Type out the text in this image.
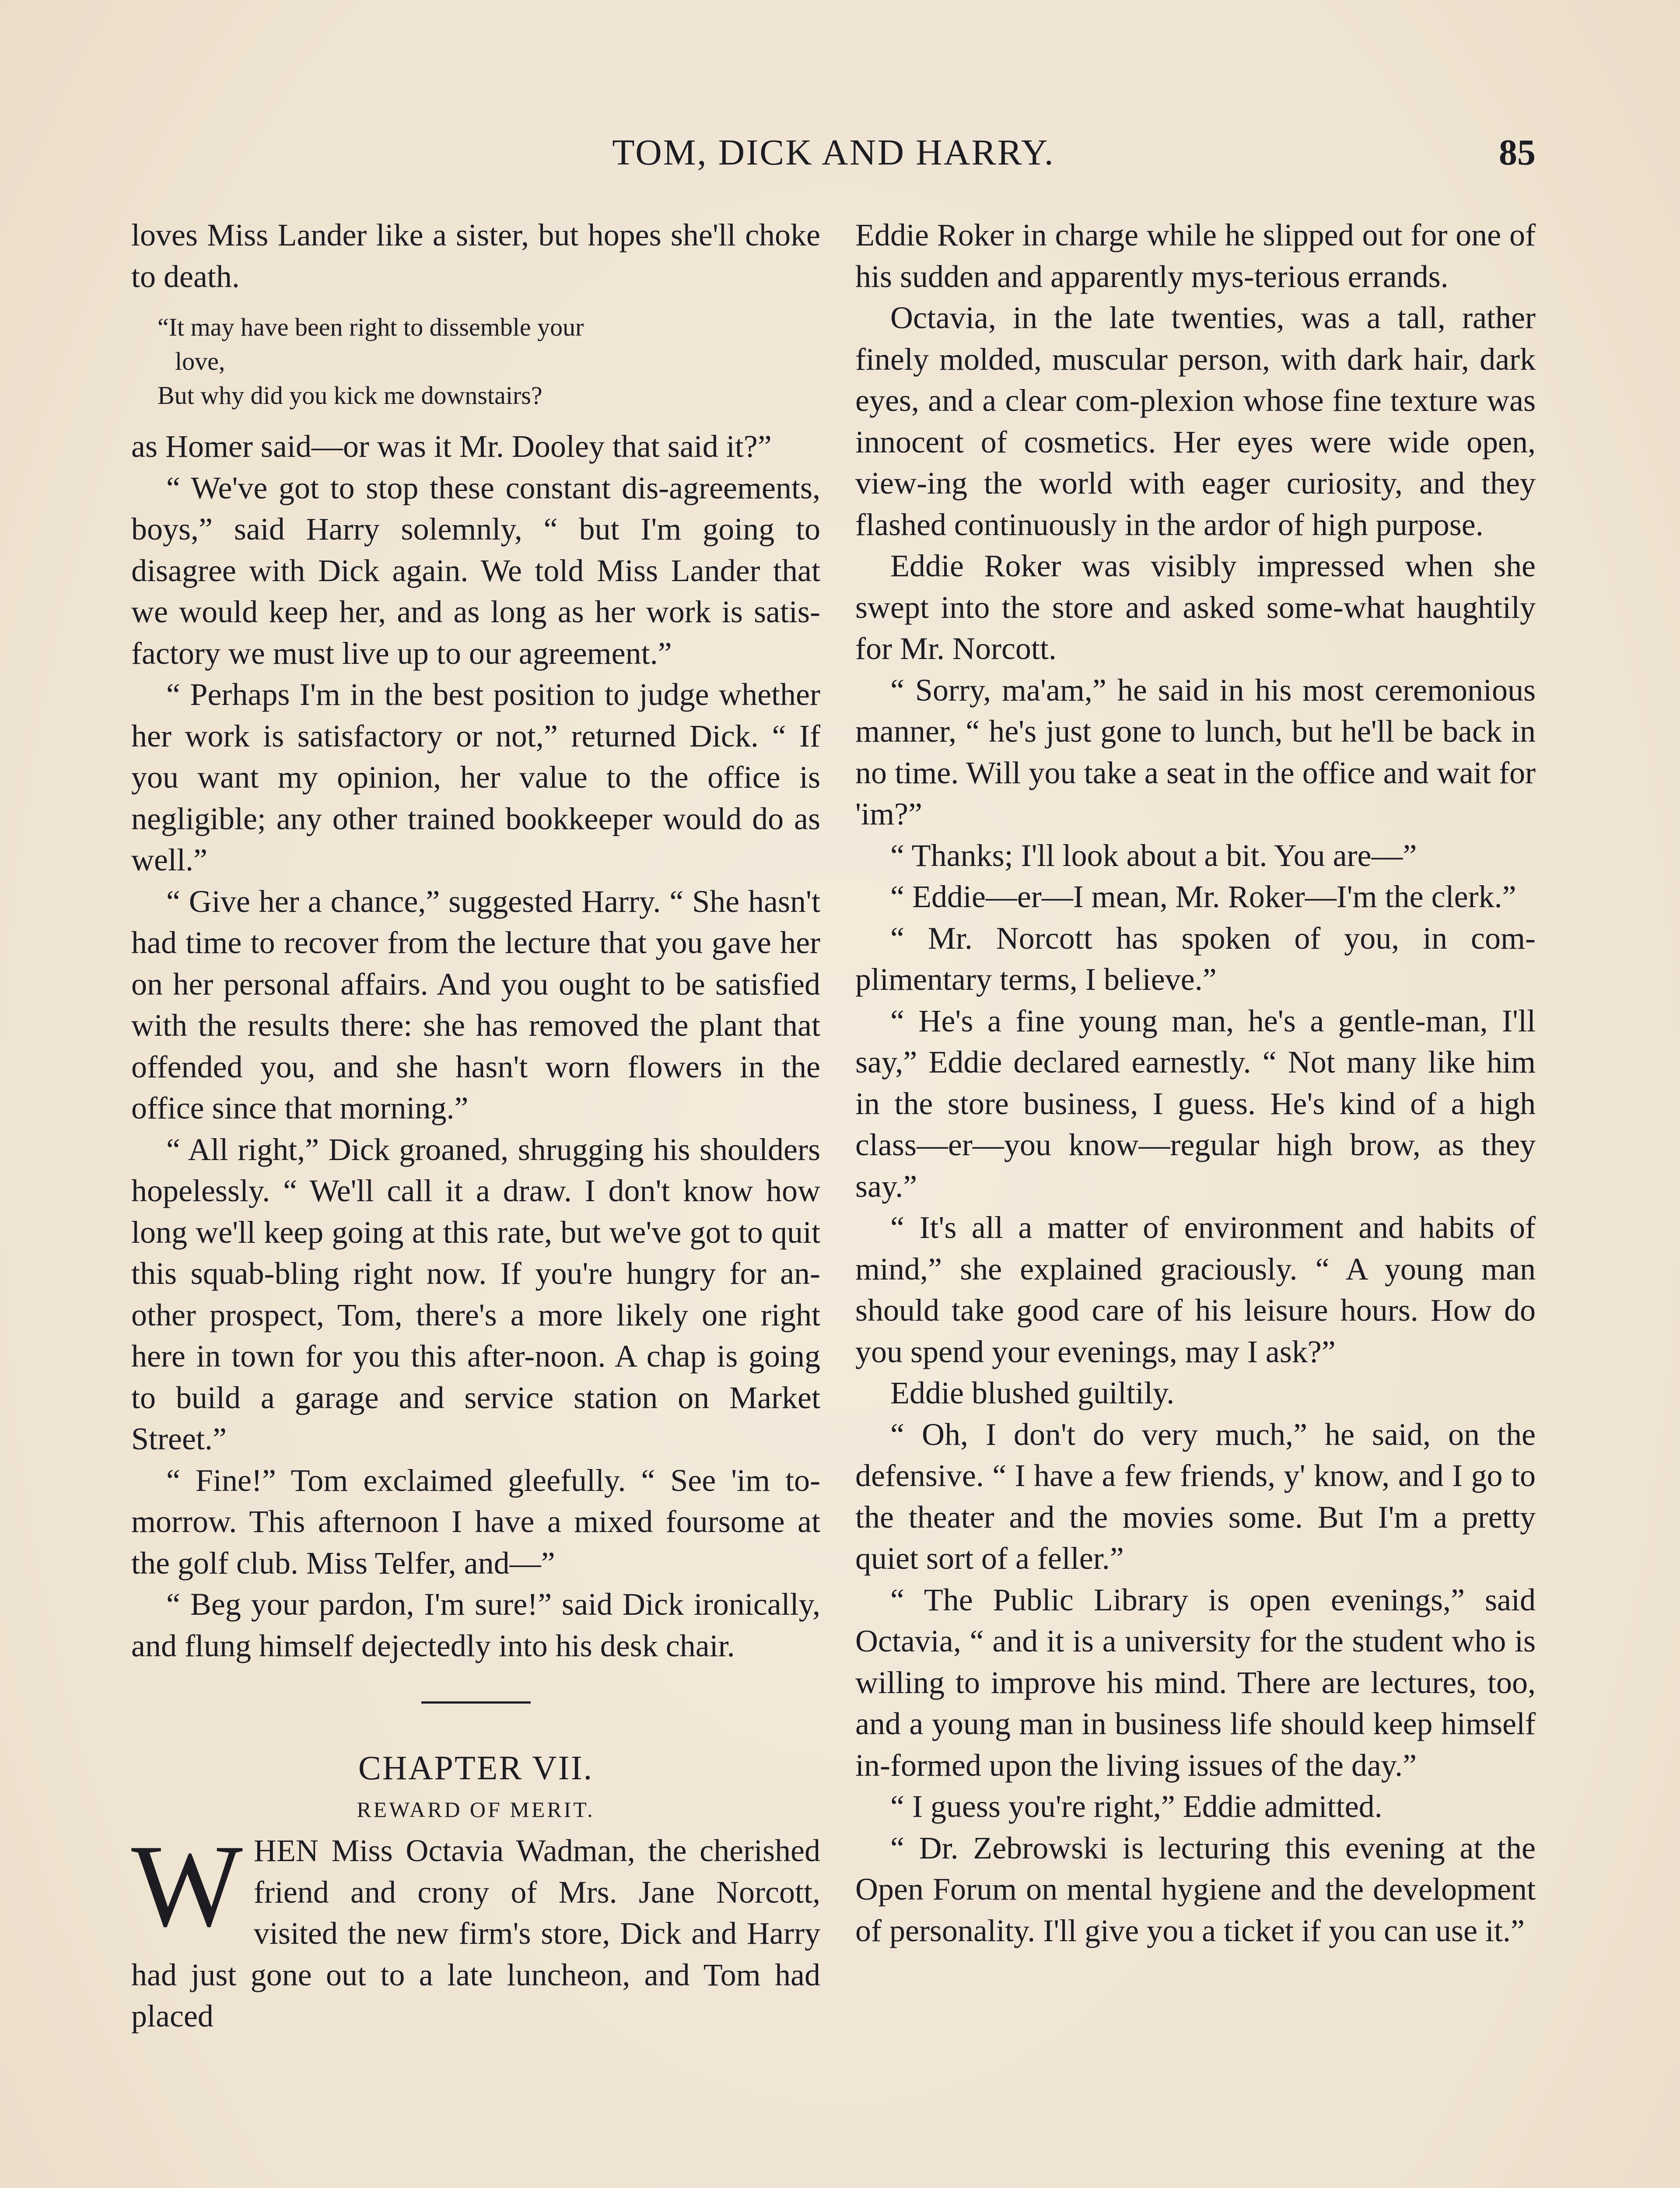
TOM, DICK AND HARRY.	85

loves Miss Lander like a sister, but hopes she'll choke to death.

“It may have been right to dissemble your
love,
But why did you kick me downstairs?

as Homer said—or was it Mr. Dooley that said it?”

“ We've got to stop these constant dis-agreements, boys,” said Harry solemnly, “ but I'm going to disagree with Dick again. We told Miss Lander that we would keep her, and as long as her work is satis-factory we must live up to our agreement.”

“ Perhaps I'm in the best position to judge whether her work is satisfactory or not,” returned Dick. “ If you want my opinion, her value to the office is negligible; any other trained bookkeeper would do as well.”

“ Give her a chance,” suggested Harry. “ She hasn't had time to recover from the lecture that you gave her on her personal affairs. And you ought to be satisfied with the results there: she has removed the plant that offended you, and she hasn't worn flowers in the office since that morning.”

“ All right,” Dick groaned, shrugging his shoulders hopelessly. “ We'll call it a draw. I don't know how long we'll keep going at this rate, but we've got to quit this squab-bling right now. If you're hungry for an-other prospect, Tom, there's a more likely one right here in town for you this after-noon. A chap is going to build a garage and service station on Market Street.”

“ Fine!” Tom exclaimed gleefully. “ See 'im to-morrow. This afternoon I have a mixed foursome at the golf club. Miss Telfer, and—”

“ Beg your pardon, I'm sure!” said Dick ironically, and flung himself dejectedly into his desk chair.

CHAPTER VII.

REWARD OF MERIT.

WHEN Miss Octavia Wadman, the cherished friend and crony of Mrs. Jane Norcott, visited the new firm's store, Dick and Harry had just gone out to a late luncheon, and Tom had placed

Eddie Roker in charge while he slipped out for one of his sudden and apparently mys-terious errands.

Octavia, in the late twenties, was a tall, rather finely molded, muscular person, with dark hair, dark eyes, and a clear com-plexion whose fine texture was innocent of cosmetics. Her eyes were wide open, view-ing the world with eager curiosity, and they flashed continuously in the ardor of high purpose.

Eddie Roker was visibly impressed when she swept into the store and asked some-what haughtily for Mr. Norcott.

“ Sorry, ma'am,” he said in his most ceremonious manner, “ he's just gone to lunch, but he'll be back in no time. Will you take a seat in the office and wait for 'im?”

“ Thanks; I'll look about a bit. You are—”

“ Eddie—er—I mean, Mr. Roker—I'm the clerk.”

“ Mr. Norcott has spoken of you, in com-plimentary terms, I believe.”

“ He's a fine young man, he's a gentle-man, I'll say,” Eddie declared earnestly. “ Not many like him in the store business, I guess. He's kind of a high class—er—you know—regular high brow, as they say.”

“ It's all a matter of environment and habits of mind,” she explained graciously. “ A young man should take good care of his leisure hours. How do you spend your evenings, may I ask?”

Eddie blushed guiltily.

“ Oh, I don't do very much,” he said, on the defensive. “ I have a few friends, y' know, and I go to the theater and the movies some. But I'm a pretty quiet sort of a feller.”

“ The Public Library is open evenings,” said Octavia, “ and it is a university for the student who is willing to improve his mind. There are lectures, too, and a young man in business life should keep himself in-formed upon the living issues of the day.”

“ I guess you're right,” Eddie admitted.

“ Dr. Zebrowski is lecturing this evening at the Open Forum on mental hygiene and the development of personality. I'll give you a ticket if you can use it.”
